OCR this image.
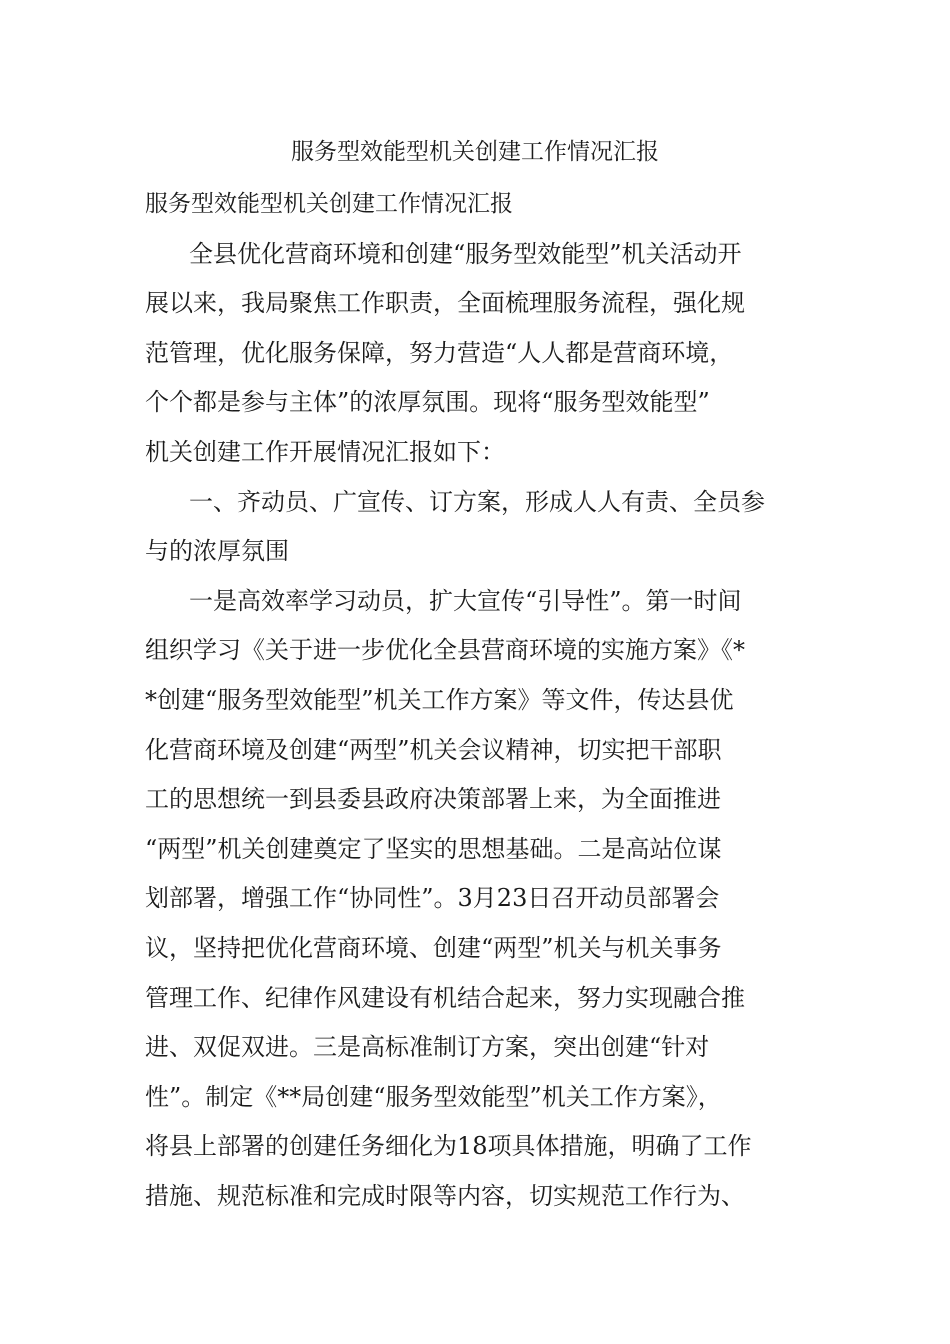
服务型效能型机关创建工作情况汇报
服务型效能型机关创建工作情况汇报
全县优化营商环境和创建“服务型效能型”机关活动开
展以来，我局聚焦工作职责，全面梳理服务流程，强化规
范管理，优化服务保障，努力营造“人人都是营商环境，
个个都是参与主体”的浓厚氛围。现将“服务型效能型”
机关创建工作开展情况汇报如下：
一、齐动员、广宣传、订方案，形成人人有责、全员参
与的浓厚氛围
一是高效率学习动员，扩大宣传“引导性”。第一时间
组织学习《关于进一步优化全县营商环境的实施方案》《*
*创建“服务型效能型”机关工作方案》等文件，传达县优
化营商环境及创建“两型”机关会议精神，切实把干部职
工的思想统一到县委县政府决策部署上来，为全面推进
“两型”机关创建奠定了坚实的思想基础。二是高站位谋
划部署，增强工作“协同性”。3月23日召开动员部署会
议，坚持把优化营商环境、创建“两型”机关与机关事务
管理工作、纪律作风建设有机结合起来，努力实现融合推
进、双促双进。三是高标准制订方案，突出创建“针对
性”。制定《**局创建“服务型效能型”机关工作方案》，
将县上部署的创建任务细化为18项具体措施，明确了工作
措施、规范标准和完成时限等内容，切实规范工作行为、
